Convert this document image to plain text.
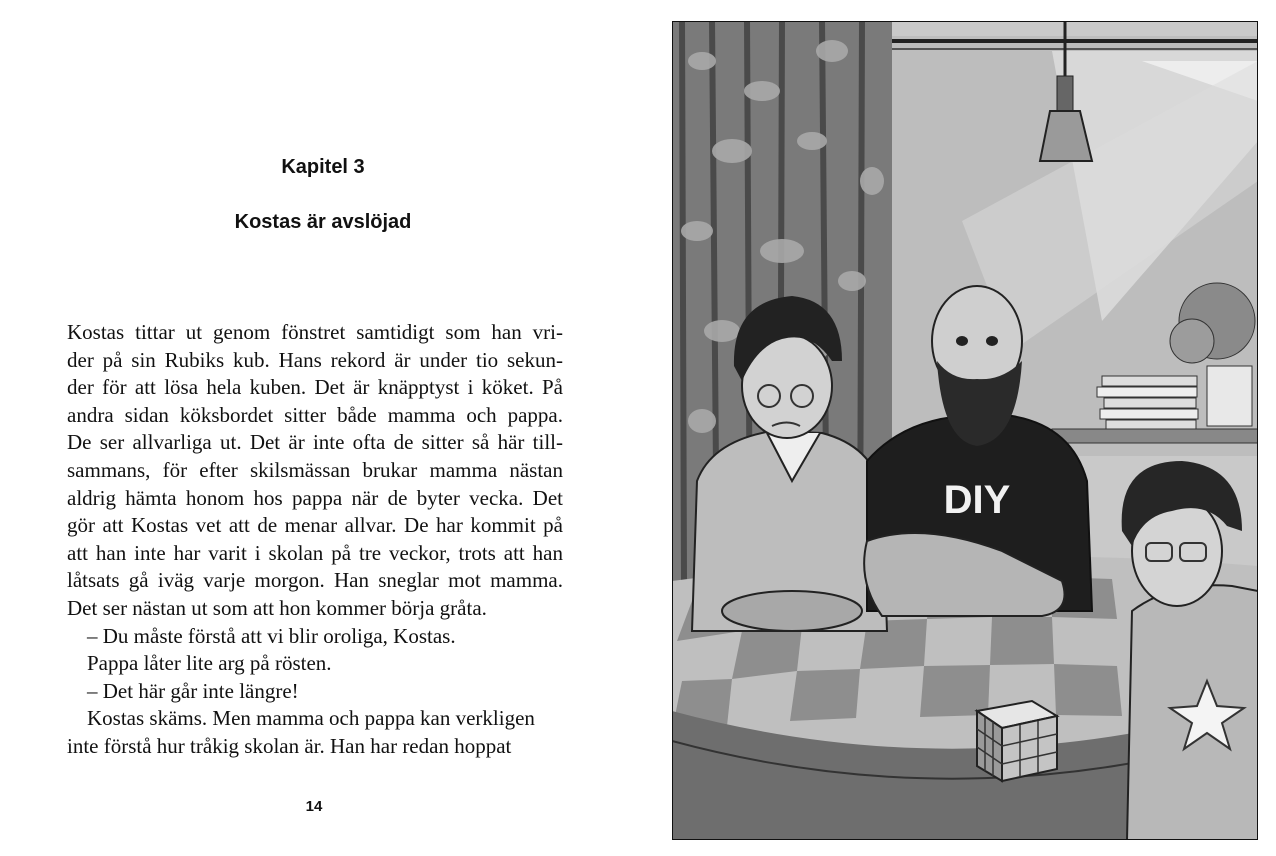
Kapitel 3
Kostas är avslöjad
Kostas tittar ut genom fönstret samtidigt som han vri-
der på sin Rubiks kub. Hans rekord är under tio sekun-
der för att lösa hela kuben. Det är knäpptyst i köket. På
andra sidan köksbordet sitter både mamma och pappa.
De ser allvarliga ut. Det är inte ofta de sitter så här till-
sammans, för efter skilsmässan brukar mamma nästan
aldrig hämta honom hos pappa när de byter vecka. Det
gör att Kostas vet att de menar allvar. De har kommit på
att han inte har varit i skolan på tre veckor, trots att han
låtsats gå iväg varje morgon. Han sneglar mot mamma.
Det ser nästan ut som att hon kommer börja gråta.
– Du måste förstå att vi blir oroliga, Kostas.
Pappa låter lite arg på rösten.
– Det här går inte längre!
Kostas skäms. Men mamma och pappa kan verkligen
inte förstå hur tråkig skolan är. Han har redan hoppat
14
DIY
